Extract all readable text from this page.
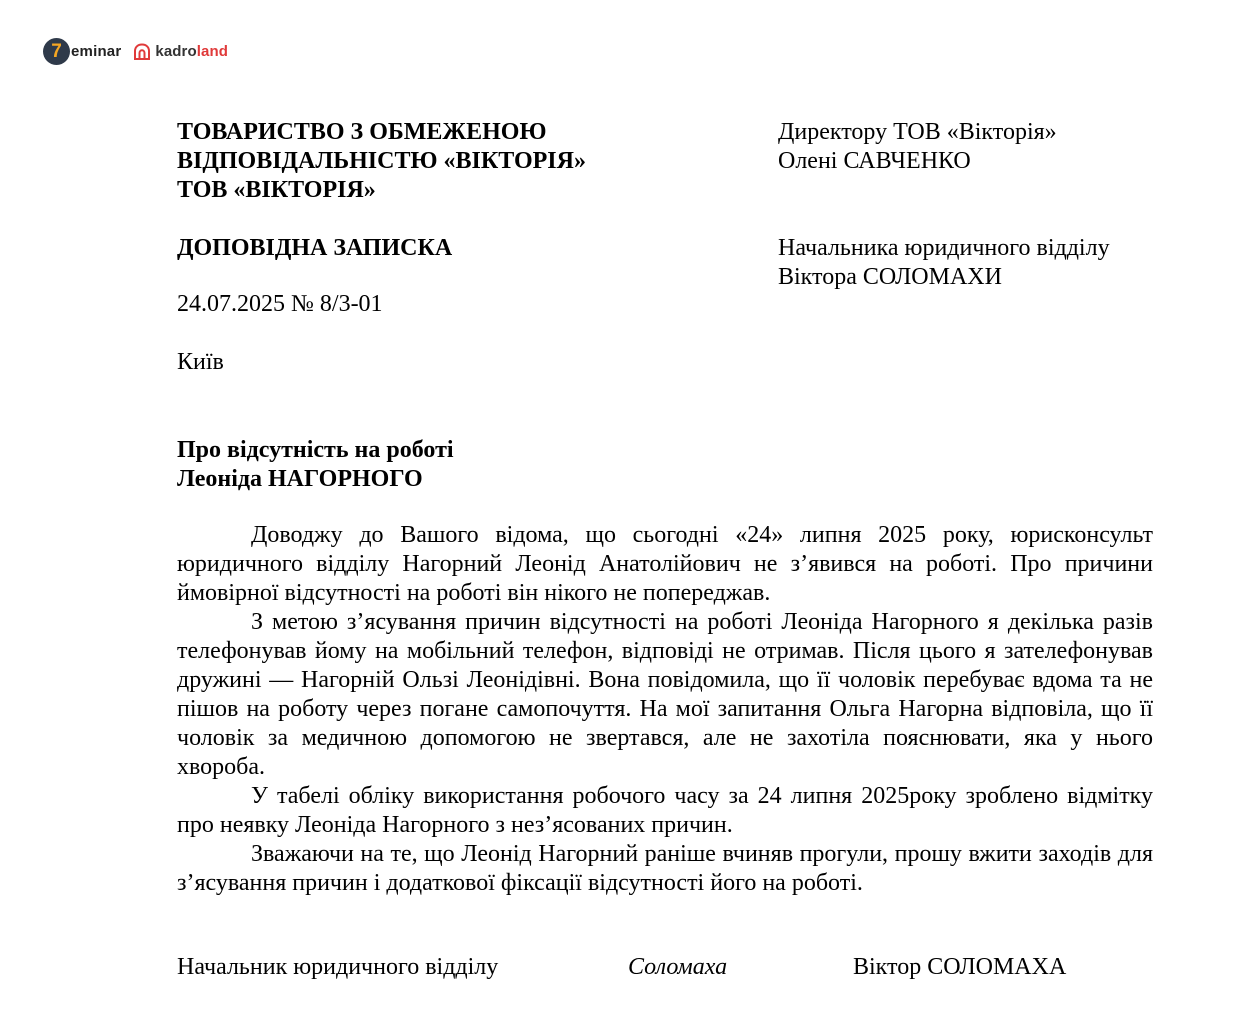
7 eminar kadroland
ТОВАРИСТВО З ОБМЕЖЕНОЮ
ВІДПОВІДАЛЬНІСТЮ «ВІКТОРІЯ»
ТОВ «ВІКТОРІЯ»
Директору ТОВ «Вікторія»
Олені САВЧЕНКО
ДОПОВІДНА ЗАПИСКА	Начальника юридичного відділу
Віктора СОЛОМАХИ
24.07.2025 № 8/3-01
Київ
Про відсутність на роботі
Леоніда НАГОРНОГО

Доводжу до Вашого відома, що сьогодні «24» липня 2025 року, юрисконсульт юридичного відділу Нагорний Леонід Анатолійович не з’явився на роботі. Про причини ймовірної відсутності на роботі він нікого не попереджав.

З метою з’ясування причин відсутності на роботі Леоніда Нагорного я декілька разів телефонував йому на мобільний телефон, відповіді не отримав. Після цього я зателефонував дружині — Нагорній Ользі Леонідівні. Вона повідомила, що її чоловік перебуває вдома та не пішов на роботу через погане самопочуття. На мої запитання Ольга Нагорна відповіла, що її чоловік за медичною допомогою не звертався, але не захотіла пояснювати, яка у нього хвороба.

У табелі обліку використання робочого часу за 24 липня 2025року зроблено відмітку про неявку Леоніда Нагорного з нез’ясованих причин.

Зважаючи на те, що Леонід Нагорний раніше вчиняв прогули, прошу вжити заходів для з’ясування причин і додаткової фіксації відсутності його на роботі.

Начальник юридичного відділу	Соломаха	Віктор СОЛОМАХА
